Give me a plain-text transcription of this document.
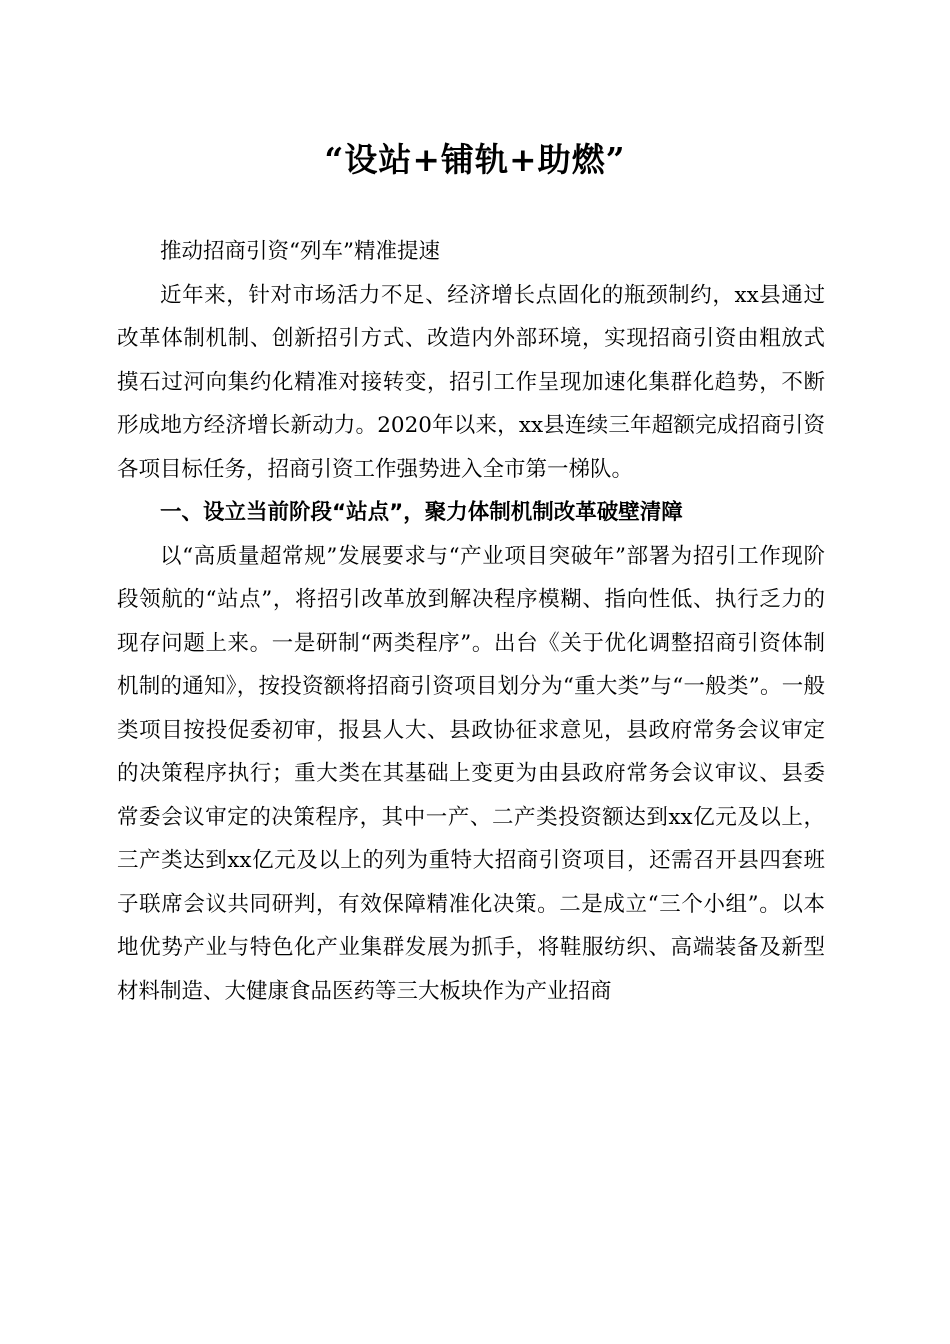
“设站+铺轨+助燃”

推动招商引资“列车”精准提速

近年来，针对市场活力不足、经济增长点固化的瓶颈制约，xx县通过改革体制机制、创新招引方式、改造内外部环境，实现招商引资由粗放式摸石过河向集约化精准对接转变，招引工作呈现加速化集群化趋势，不断形成地方经济增长新动力。2020年以来，xx县连续三年超额完成招商引资各项目标任务，招商引资工作强势进入全市第一梯队。

一、设立当前阶段“站点”，聚力体制机制改革破壁清障

以“高质量超常规”发展要求与“产业项目突破年”部署为招引工作现阶段领航的“站点”，将招引改革放到解决程序模糊、指向性低、执行乏力的现存问题上来。一是研制“两类程序”。出台《关于优化调整招商引资体制机制的通知》，按投资额将招商引资项目划分为“重大类”与“一般类”。一般类项目按投促委初审，报县人大、县政协征求意见，县政府常务会议审定的决策程序执行；重大类在其基础上变更为由县政府常务会议审议、县委常委会议审定的决策程序，其中一产、二产类投资额达到xx亿元及以上，三产类达到xx亿元及以上的列为重特大招商引资项目，还需召开县四套班子联席会议共同研判，有效保障精准化决策。二是成立“三个小组”。以本地优势产业与特色化产业集群发展为抓手，将鞋服纺织、高端装备及新型材料制造、大健康食品医药等三大板块作为产业招商
